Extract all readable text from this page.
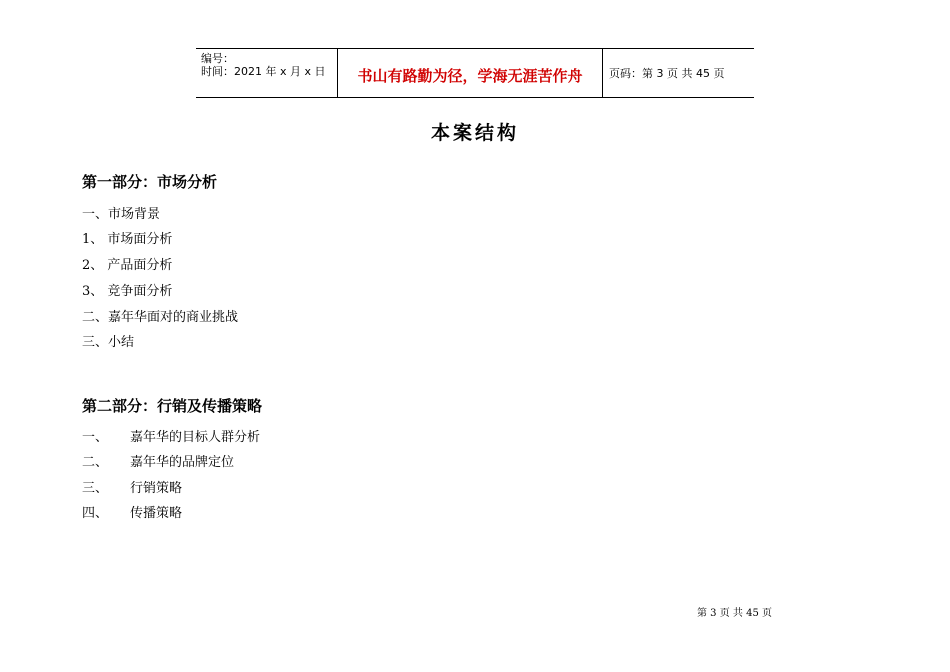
编号：
时间：2021 年 x 月 x 日	书山有路勤为径，学海无涯苦作舟	页码：第 3 页 共 45 页
本案结构
第一部分：市场分析
一、市场背景
1、 市场面分析
2、 产品面分析
3、 竞争面分析
二、嘉年华面对的商业挑战
三、小结
第二部分：行销及传播策略
一、 嘉年华的目标人群分析
二、 嘉年华的品牌定位
三、 行销策略
四、 传播策略
第 3 页 共 45 页
